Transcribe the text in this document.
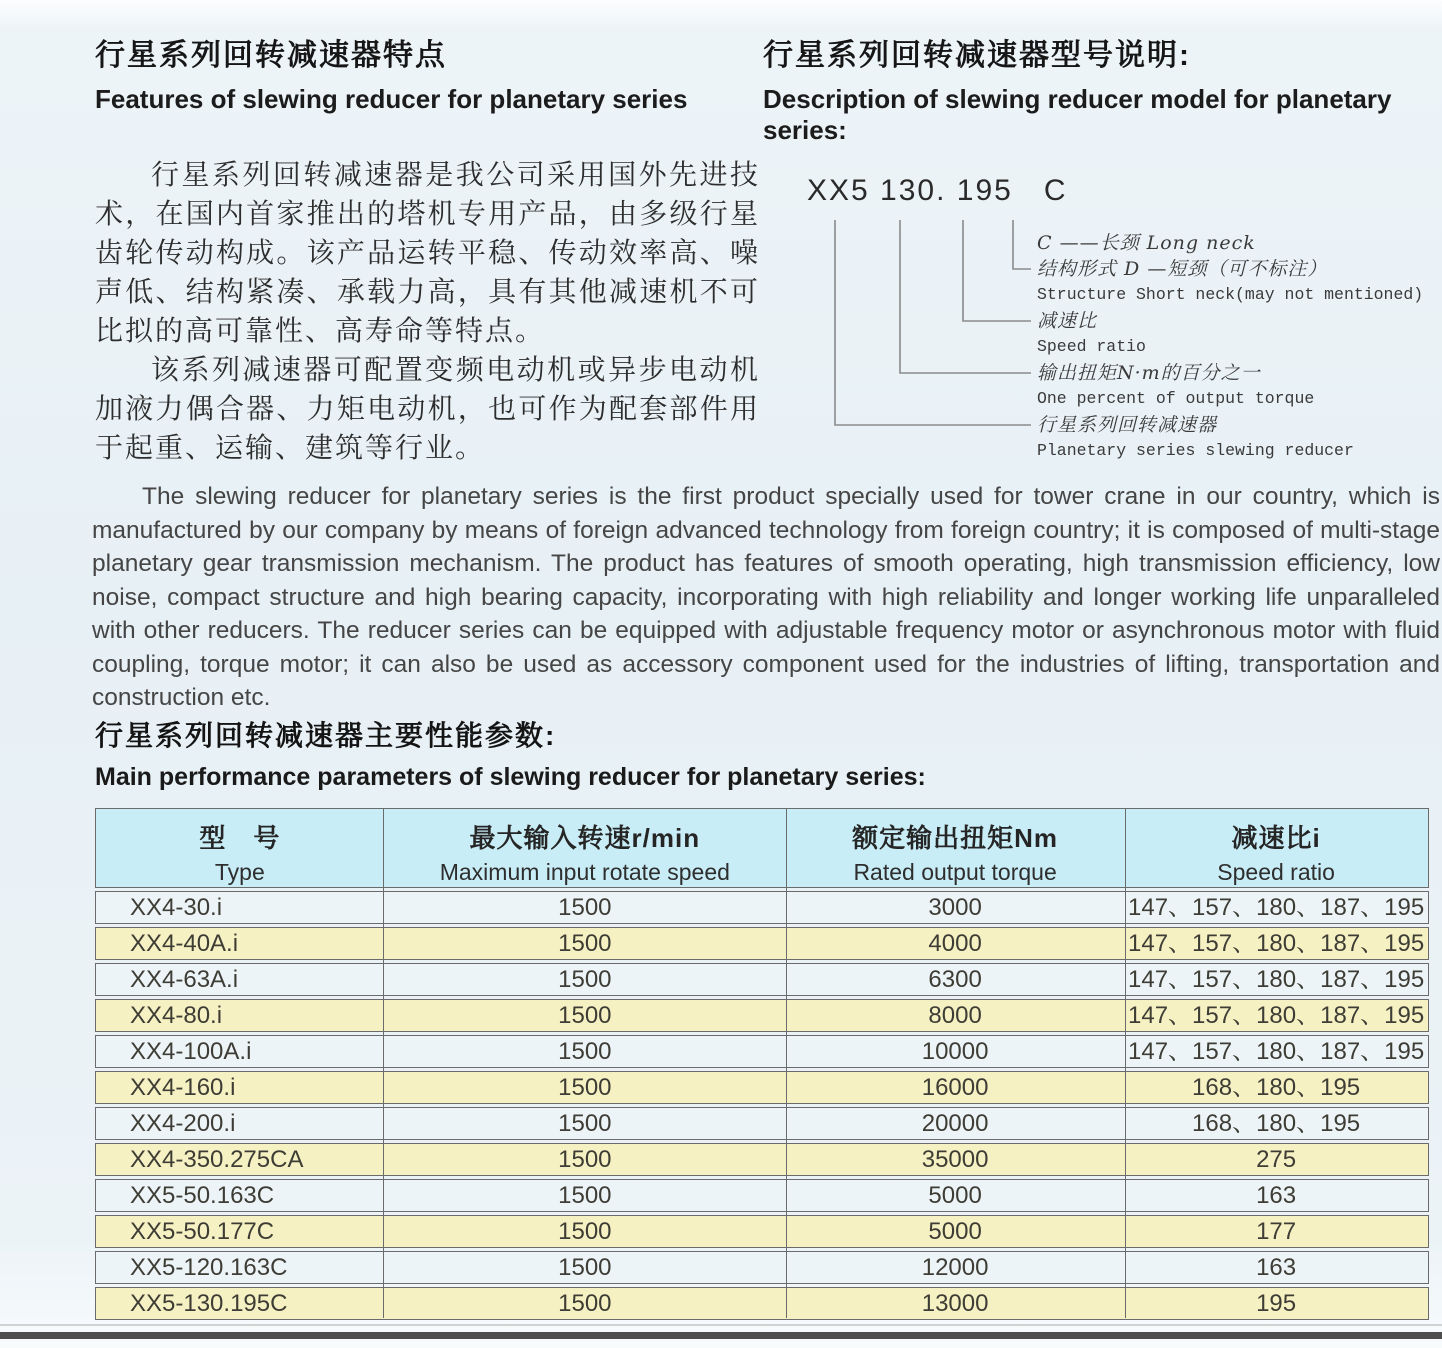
行星系列回转减速器特点
Features of slewing reducer for planetary series

行星系列回转减速器是我公司采用国外先进技术，在国内首家推出的塔机专用产品，由多级行星齿轮传动构成。该产品运转平稳、传动效率高、噪声低、结构紧凑、承载力高，具有其他减速机不可比拟的高可靠性、高寿命等特点。

该系列减速器可配置变频电动机或异步电动机加液力偶合器、力矩电动机，也可作为配套部件用于起重、运输、建筑等行业。

行星系列回转减速器型号说明:
Description of slewing reducer model for planetary series:
XX5 130. 195   C
C ——长颈 Long neck
结构形式 D —短颈（可不标注）
Structure Short neck(may not mentioned)
减速比
Speed ratio
输出扭矩N·m的百分之一
One percent of output torque
行星系列回转减速器
Planetary series slewing reducer

The slewing reducer for planetary series is the first product specially used for tower crane in our country, which is manufactured by our company by means of foreign advanced technology from foreign country; it is composed of multi-stage planetary gear transmission mechanism. The product has features of smooth operating, high transmission efficiency, low noise, compact structure and high bearing capacity, incorporating with high reliability and longer working life unparalleled with other reducers. The reducer series can be equipped with adjustable frequency motor or asynchronous motor with fluid coupling, torque motor; it can also be used as accessory component used for the industries of lifting, transportation and construction etc.

行星系列回转减速器主要性能参数:
Main performance parameters of slewing reducer for planetary series:
型　号
Type
最大输入转速r/min
Maximum input rotate speed
额定输出扭矩Nm
Rated output torque
减速比i
Speed ratio
XX4-30.i	1500	3000	147、157、180、187、195
XX4-40A.i	1500	4000	147、157、180、187、195
XX4-63A.i	1500	6300	147、157、180、187、195
XX4-80.i	1500	8000	147、157、180、187、195
XX4-100A.i	1500	10000	147、157、180、187、195
XX4-160.i	1500	16000	168、180、195
XX4-200.i	1500	20000	168、180、195
XX4-350.275CA	1500	35000	275
XX5-50.163C	1500	5000	163
XX5-50.177C	1500	5000	177
XX5-120.163C	1500	12000	163
XX5-130.195C	1500	13000	195
